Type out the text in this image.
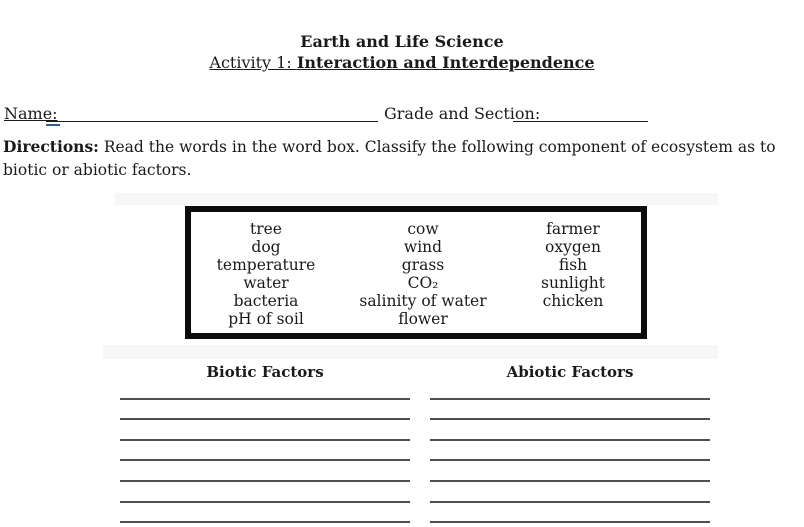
Earth and Life Science
Activity 1: Interaction and Interdependence
Name:	Grade and Section:
Directions: Read the words in the word box. Classify the following component of ecosystem as to
biotic or abiotic factors.
tree
dog
temperature
water
bacteria
pH of soil
cow
wind
grass
CO₂
salinity of water
flower
farmer
oxygen
fish
sunlight
chicken
Biotic Factors	Abiotic Factors
